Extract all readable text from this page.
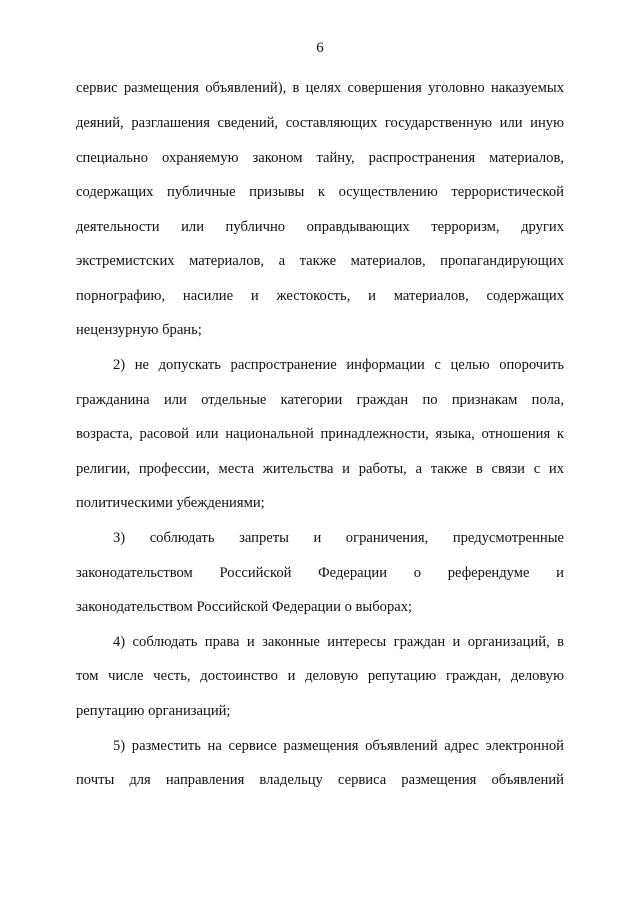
6
сервис размещения объявлений), в целях совершения уголовно наказуемых
деяний, разглашения сведений, составляющих государственную или иную
специально охраняемую законом тайну, распространения материалов,
содержащих публичные призывы к осуществлению террористической
деятельности или публично оправдывающих терроризм, других
экстремистских материалов, а также материалов, пропагандирующих
порнографию, насилие и жестокость, и материалов, содержащих
нецензурную брань;
2) не допускать распространение информации с целью опорочить
гражданина или отдельные категории граждан по признакам пола,
возраста, расовой или национальной принадлежности, языка, отношения к
религии, профессии, места жительства и работы, а также в связи с их
политическими убеждениями;
3) соблюдать запреты и ограничения, предусмотренные
законодательством Российской Федерации о референдуме и
законодательством Российской Федерации о выборах;
4) соблюдать права и законные интересы граждан и организаций, в
том числе честь, достоинство и деловую репутацию граждан, деловую
репутацию организаций;
5) разместить на сервисе размещения объявлений адрес электронной
почты для направления владельцу сервиса размещения объявлений
